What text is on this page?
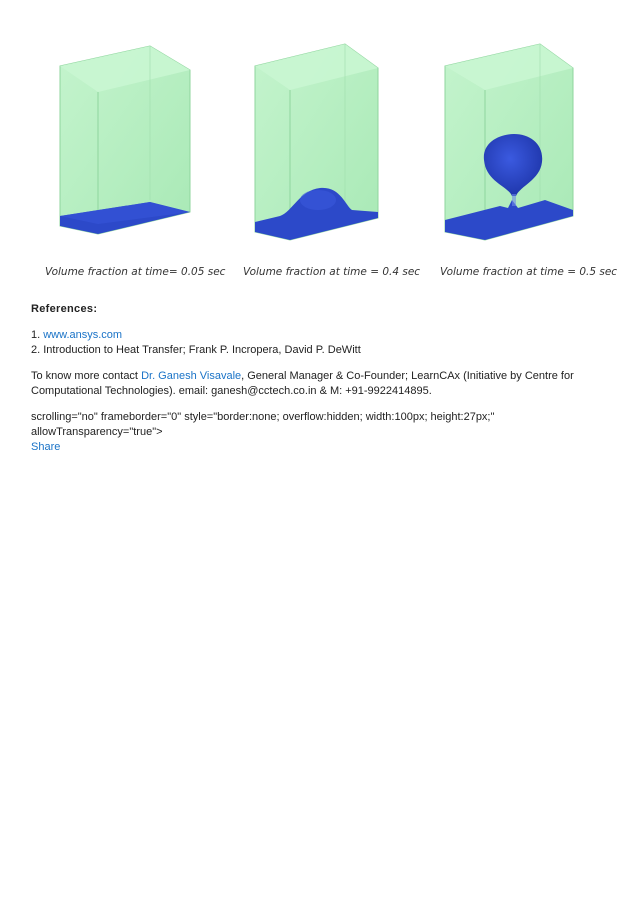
Volume fraction at time= 0.05 sec Volume fraction at time = 0.4 sec Volume fraction at time = 0.5 sec

References:

1. www.ansys.com

2. Introduction to Heat Transfer; Frank P. Incropera, David P. DeWitt

To know more contact Dr. Ganesh Visavale, General Manager & Co-Founder; LearnCAx (Initiative by Centre for Computational Technologies). email: ganesh@cctech.co.in & M: +91-9922414895.

scrolling="no" frameborder="0" style="border:none; overflow:hidden; width:100px; height:27px;"
allowTransparency="true">
Share
